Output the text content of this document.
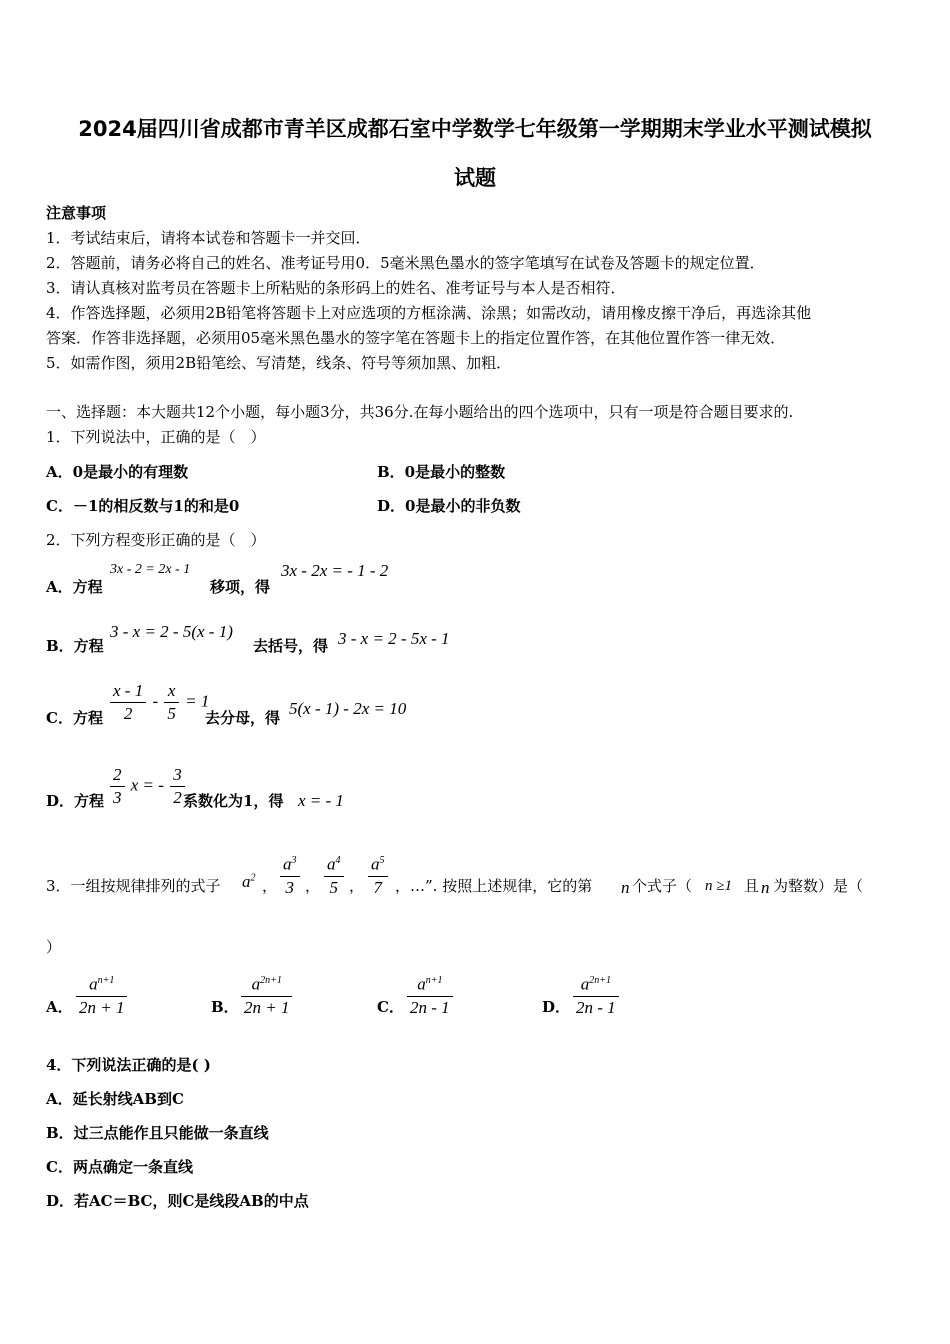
2024届四川省成都市青羊区成都石室中学数学七年级第一学期期末学业水平测试模拟
试题
注意事项
1．考试结束后，请将本试卷和答题卡一并交回．
2．答题前，请务必将自己的姓名、准考证号用0．5毫米黑色墨水的签字笔填写在试卷及答题卡的规定位置．
3．请认真核对监考员在答题卡上所粘贴的条形码上的姓名、准考证号与本人是否相符．
4．作答选择题，必须用2B铅笔将答题卡上对应选项的方框涂满、涂黑；如需改动，请用橡皮擦干净后，再选涂其他
答案．作答非选择题，必须用05毫米黑色墨水的签字笔在答题卡上的指定位置作答，在其他位置作答一律无效．
5．如需作图，须用2B铅笔绘、写清楚，线条、符号等须加黑、加粗．
一、选择题：本大题共12个小题，每小题3分，共36分.在每小题给出的四个选项中，只有一项是符合题目要求的.
1．下列说法中，正确的是（　）
A．0是最小的有理数	B．0是最小的整数
C．－1的相反数与1的和是0	D．0是最小的非负数
2．下列方程变形正确的是（　）
A．方程
3x - 2 = 2x - 1
移项，得
3x - 2x = - 1 - 2
B．方程
3 - x = 2 - 5(x - 1)
去括号，得 3 - x = 2 - 5x - 1
C．方程 $\frac{x - 1}{2} - \frac{x}{5} = 1$
去分母，得 5(x - 1) - 2x = 10
D．方程 $\frac{2}{3}$ x = - $\frac{3}{2}$
系数化为1，得 x = - 1
3．一组按规律排列的式子 $a^2$ ， $\frac{a^3}{3}$ ， $\frac{a^4}{5}$ ， $\frac{a^5}{7}$ ，…”. 按照上述规律，它的第 n 个式子（ n ≥1 且 n 为整数）是（
）
A． $\frac{a^{n+1}}{2n + 1}$	B． $\frac{a^{2n+1}}{2n + 1}$	C． $\frac{a^{n+1}}{2n - 1}$	D． $\frac{a^{2n+1}}{2n - 1}$
4．下列说法正确的是( )
A．延长射线AB到C
B．过三点能作且只能做一条直线
C．两点确定一条直线
D．若AC＝BC，则C是线段AB的中点
